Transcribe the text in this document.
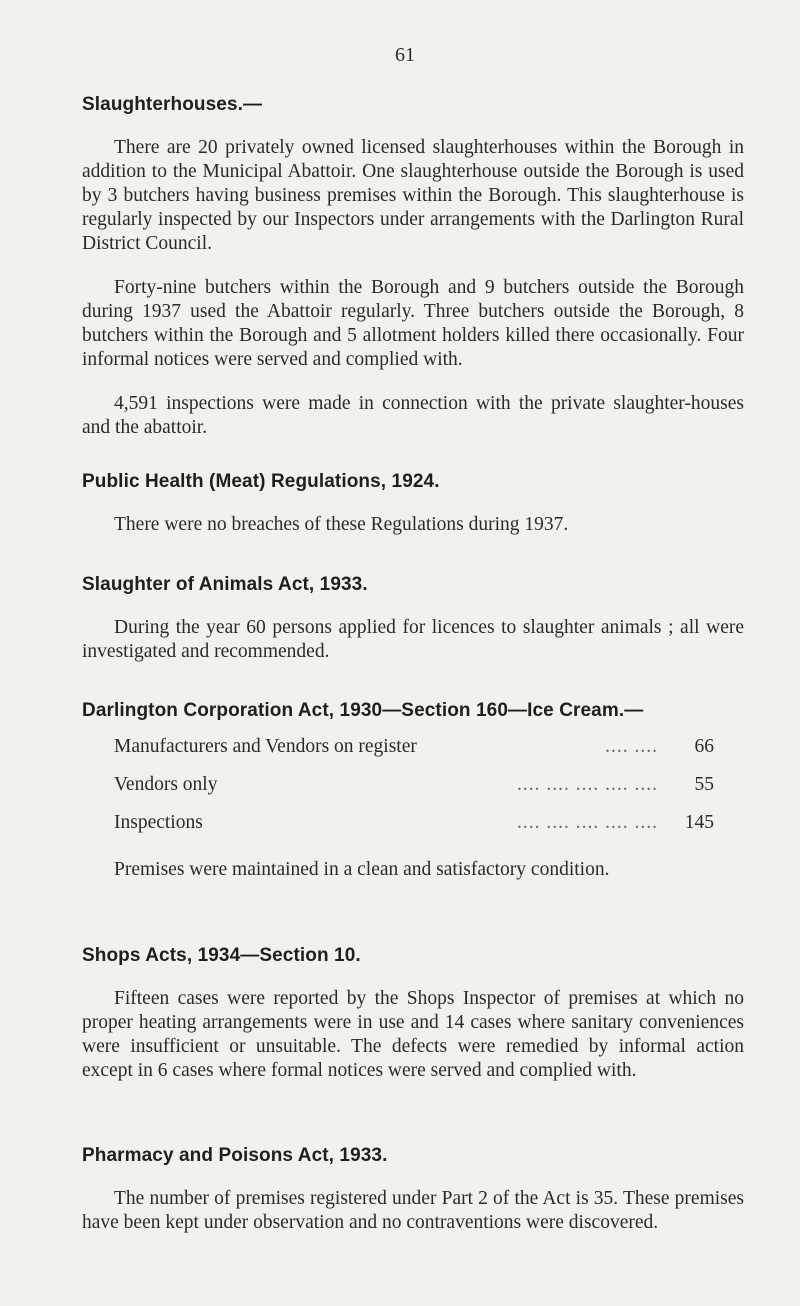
61
Slaughterhouses.—

There are 20 privately owned licensed slaughterhouses within the Borough in addition to the Municipal Abattoir. One slaughterhouse outside the Borough is used by 3 butchers having business premises within the Borough. This slaughterhouse is regularly inspected by our Inspectors under arrangements with the Darlington Rural District Council.

Forty-nine butchers within the Borough and 9 butchers outside the Borough during 1937 used the Abattoir regularly. Three butchers outside the Borough, 8 butchers within the Borough and 5 allotment holders killed there occasionally. Four informal notices were served and complied with.

4,591 inspections were made in connection with the private slaughter-houses and the abattoir.

Public Health (Meat) Regulations, 1924.

There were no breaches of these Regulations during 1937.

Slaughter of Animals Act, 1933.

During the year 60 persons applied for licences to slaughter animals ; all were investigated and recommended.

Darlington Corporation Act, 1930—Section 160—Ice Cream.—
Manufacturers and Vendors on register	.... ....	66
Vendors only	.... .... .... .... ....	55
Inspections	.... .... .... .... ....	145

Premises were maintained in a clean and satisfactory condition.

Shops Acts, 1934—Section 10.

Fifteen cases were reported by the Shops Inspector of premises at which no proper heating arrangements were in use and 14 cases where sanitary conveniences were insufficient or unsuitable. The defects were remedied by informal action except in 6 cases where formal notices were served and complied with.

Pharmacy and Poisons Act, 1933.

The number of premises registered under Part 2 of the Act is 35. These premises have been kept under observation and no contraventions were discovered.
